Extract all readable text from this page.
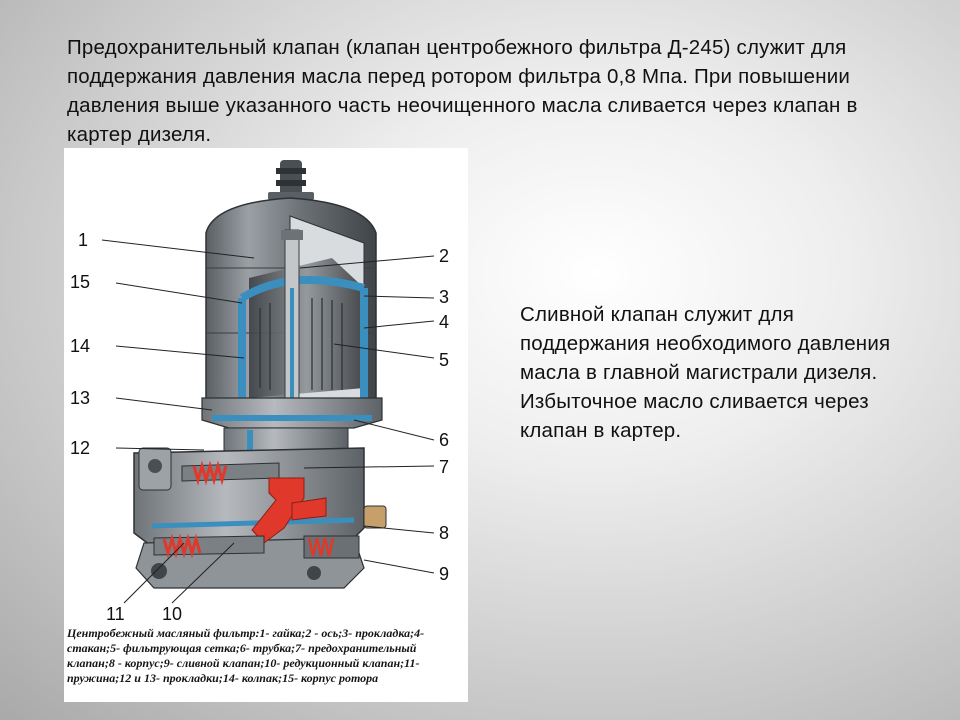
Предохранительный клапан (клапан центробежного фильтра Д-245) служит для поддержания давления масла перед ротором фильтра 0,8 Мпа. При повышении давления выше указанного часть неочищенного масла сливается через клапан в картер дизеля.
1
15
14
13
12
2
3
4
5
6
7
8
9
10
11
Центробежный масляный фильтр:1- гайка;2 - ось;3- прокладка;4- стакан;5- фильтрующая сетка;6- трубка;7- предохранительный клапан;8 - корпус;9- сливной клапан;10- редукционный клапан;11- пружина;12 и 13- прокладки;14- колпак;15- корпус ротора
Сливной клапан служит для поддержания необходимого давления масла в главной магистрали дизеля. Избыточное масло сливается через клапан в картер.
